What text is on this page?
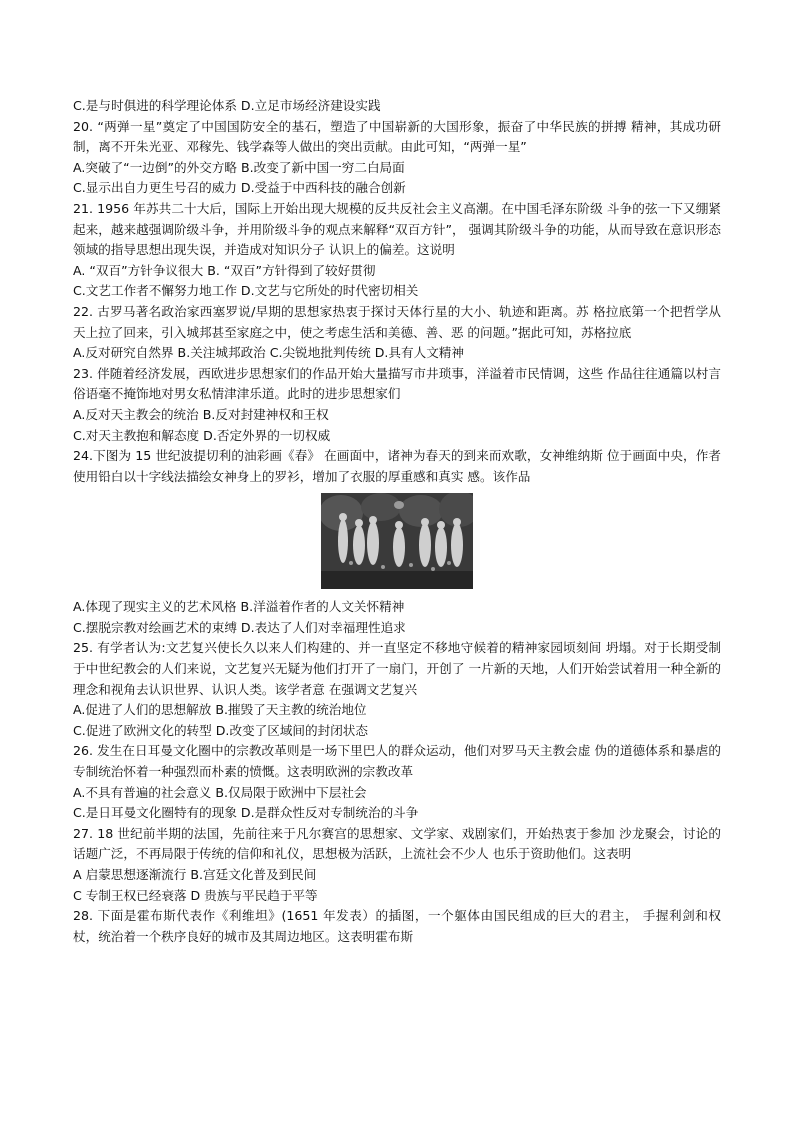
C.是与时俱进的科学理论体系 D.立足市场经济建设实践
20. “两弹一星”奠定了中国国防安全的基石，塑造了中国崭新的大国形象，振奋了中华民族的拼搏 精神，其成功研制，离不开朱光亚、邓稼先、钱学森等人做出的突出贡献。由此可知，“两弹一星”
A.突破了“一边倒”的外交方略 B.改变了新中国一穷二白局面
C.显示出自力更生号召的威力 D.受益于中西科技的融合创新
21. 1956 年苏共二十大后，国际上开始出现大规模的反共反社会主义高潮。在中国毛泽东阶级 斗争的弦一下又绷紧起来，越来越强调阶级斗争，并用阶级斗争的观点来解释“双百方针”， 强调其阶级斗争的功能，从而导致在意识形态领域的指导思想出现失误，并造成对知识分子 认识上的偏差。这说明
A. “双百”方针争议很大 B. “双百”方针得到了较好贯彻
C.文艺工作者不懈努力地工作 D.文艺与它所处的时代密切相关
22. 古罗马著名政治家西塞罗说/早期的思想家热衷于探讨天体行星的大小、轨迹和距离。苏 格拉底第一个把哲学从天上拉了回来，引入城邦甚至家庭之中，使之考虑生活和美德、善、恶 的问题。”据此可知，苏格拉底
A.反对研究自然界 B.关注城邦政治 C.尖锐地批判传统 D.具有人文精神
23. 伴随着经济发展，西欧进步思想家们的作品开始大量描写市井琐事，洋溢着市民情调，这些 作品往往通篇以村言俗语毫不掩饰地对男女私情津津乐道。此时的进步思想家们
A.反对天主教会的统治 B.反对封建神权和王权
C.对天主教抱和解态度 D.否定外界的一切权威
24.下图为 15 世纪波提切利的油彩画《春》 在画面中，诸神为春天的到来而欢歌，女神维纳斯 位于画面中央，作者使用铅白以十字线法描绘女神身上的罗衫，增加了衣服的厚重感和真实 感。该作品
A.体现了现实主义的艺术风格 B.洋溢着作者的人文关怀精神
C.摆脱宗教对绘画艺术的束缚 D.表达了人们对幸福理性追求
25. 有学者认为:文艺复兴使长久以来人们构建的、并一直坚定不移地守候着的精神家园顷刻间 坍塌。对于长期受制于中世纪教会的人们来说，文艺复兴无疑为他们打开了一扇门，开创了 一片新的天地，人们开始尝试着用一种全新的理念和视角去认识世界、认识人类。该学者意 在强调文艺复兴
A.促进了人们的思想解放 B.摧毁了天主教的统治地位
C.促进了欧洲文化的转型 D.改变了区域间的封闭状态
26. 发生在日耳曼文化圈中的宗教改革则是一场下里巴人的群众运动，他们对罗马天主教会虚 伪的道德体系和暴虐的专制统治怀着一种强烈而朴素的愤慨。这表明欧洲的宗教改革
A.不具有普遍的社会意义 B.仅局限于欧洲中下层社会
C.是日耳曼文化圈特有的现象 D.是群众性反对专制统治的斗争
27. 18 世纪前半期的法国，先前往来于凡尔赛宫的思想家、文学家、戏剧家们，开始热衷于参加 沙龙聚会，讨论的话题广泛，不再局限于传统的信仰和礼仪，思想极为活跃，上流社会不少人 也乐于资助他们。这表明
A 启蒙思想逐渐流行 B.宫廷文化普及到民间
C 专制王权已经衰落 D 贵族与平民趋于平等
28. 下面是霍布斯代表作《利维坦》(1651 年发表）的插图，一个躯体由国民组成的巨大的君主， 手握利剑和权杖，统治着一个秩序良好的城市及其周边地区。这表明霍布斯
